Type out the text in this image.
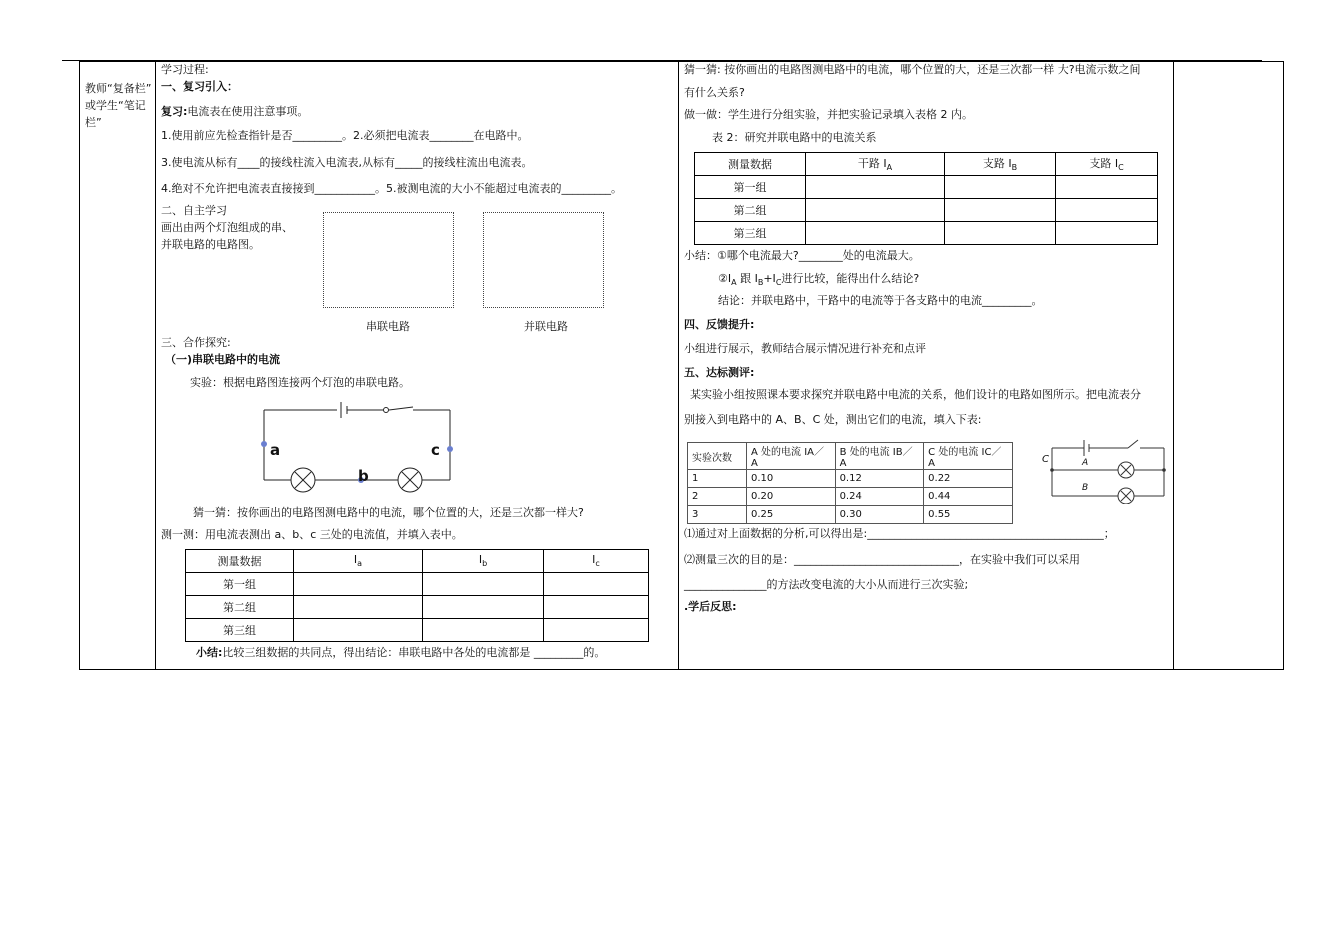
教师“复备栏”
或学生“笔记
栏”
学习过程:
一、复习引入：
复习:电流表在使用注意事项。
1.使用前应先检查指针是否_________。2.必须把电流表________在电路中。
3.使电流从标有____的接线柱流入电流表,从标有_____的接线柱流出电流表。
4.绝对不允许把电流表直接接到___________。5.被测电流的大小不能超过电流表的_________。
二、自主学习
画出由两个灯泡组成的串、
并联电路的电路图。
串联电路	并联电路
三、合作探究:
（一)串联电路中的电流
实验：根据电路图连接两个灯泡的串联电路。
a	c
b
猜一猜：按你画出的电路图测电路中的电流，哪个位置的大，还是三次都一样大?
测一测：用电流表测出 a、b、c 三处的电流值，并填入表中。
测量数据	$I_a$	$I_b$	$I_c$
第一组			
第二组			
第三组			
小结:比较三组数据的共同点，得出结论：串联电路中各处的电流都是 _________的。
猜一猜: 按你画出的电路图测电路中的电流，哪个位置的大，还是三次都一样 大?电流示数之间
有什么关系?
做一做：学生进行分组实验，并把实验记录填入表格 2 内。
表 2：研究并联电路中的电流关系
测量数据	干路 $I_A$	支路 $I_B$	支路 $I_C$
第一组			
第二组			
第三组			
小结：①哪个电流最大?________处的电流最大。
$②I_A$ 跟 $I_B+I_C$进行比较，能得出什么结论?
结论：并联电路中，干路中的电流等于各支路中的电流_________。
四、反馈提升:
小组进行展示，教师结合展示情况进行补充和点评
五、达标测评:
某实验小组按照课本要求探究并联电路中电流的关系，他们设计的电路如图所示。把电流表分
别接入到电路中的 A、B、C 处，测出它们的电流，填入下表:
实验次数	A 处的电流 IA／A	B 处的电流 IB／A	C 处的电流 IC／A
1	0.10	0.12	0.22
2	0.20	0.24	0.44
3	0.25	0.30	0.55
A
B
C
⑴通过对上面数据的分析,可以得出是:___________________________________________；
⑵测量三次的目的是：______________________________，在实验中我们可以采用
_______________的方法改变电流的大小从而进行三次实验;
.学后反思:
